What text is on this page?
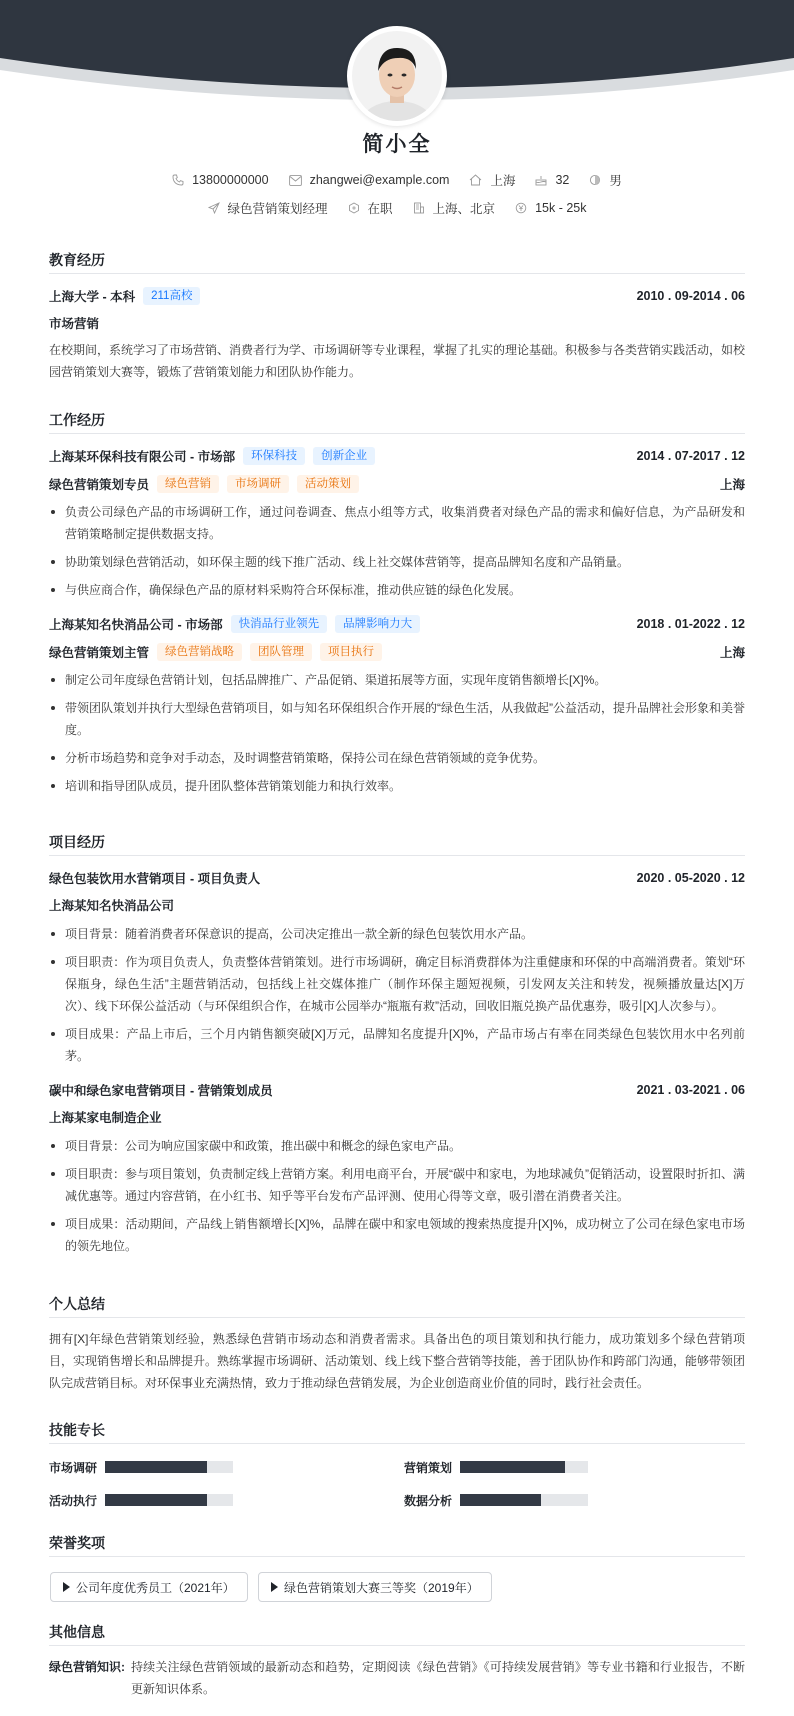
简小全
13800000000	zhangwei@example.com	上海	32	男
绿色营销策划经理	在职	上海、北京	15k - 25k
教育经历
上海大学 - 本科	211高校	2010 . 09-2014 . 06
市场营销
在校期间，系统学习了市场营销、消费者行为学、市场调研等专业课程，掌握了扎实的理论基础。积极参与各类营销实践活动，如校园营销策划大赛等，锻炼了营销策划能力和团队协作能力。
工作经历
上海某环保科技有限公司 - 市场部	环保科技	创新企业	2014 . 07-2017 . 12
绿色营销策划专员	绿色营销	市场调研	活动策划	上海
负责公司绿色产品的市场调研工作，通过问卷调查、焦点小组等方式，收集消费者对绿色产品的需求和偏好信息，为产品研发和营销策略制定提供数据支持。
协助策划绿色营销活动，如环保主题的线下推广活动、线上社交媒体营销等，提高品牌知名度和产品销量。
与供应商合作，确保绿色产品的原材料采购符合环保标准，推动供应链的绿色化发展。
上海某知名快消品公司 - 市场部	快消品行业领先	品牌影响力大	2018 . 01-2022 . 12
绿色营销策划主管	绿色营销战略	团队管理	项目执行	上海
制定公司年度绿色营销计划，包括品牌推广、产品促销、渠道拓展等方面，实现年度销售额增长[X]%。
带领团队策划并执行大型绿色营销项目，如与知名环保组织合作开展的“绿色生活，从我做起”公益活动，提升品牌社会形象和美誉度。
分析市场趋势和竞争对手动态，及时调整营销策略，保持公司在绿色营销领域的竞争优势。
培训和指导团队成员，提升团队整体营销策划能力和执行效率。
项目经历
绿色包装饮用水营销项目 - 项目负责人	2020 . 05-2020 . 12
上海某知名快消品公司
项目背景：随着消费者环保意识的提高，公司决定推出一款全新的绿色包装饮用水产品。
项目职责：作为项目负责人，负责整体营销策划。进行市场调研，确定目标消费群体为注重健康和环保的中高端消费者。策划“环保瓶身，绿色生活”主题营销活动，包括线上社交媒体推广（制作环保主题短视频，引发网友关注和转发，视频播放量达[X]万次）、线下环保公益活动（与环保组织合作，在城市公园举办“瓶瓶有救”活动，回收旧瓶兑换产品优惠券，吸引[X]人次参与）。
项目成果：产品上市后，三个月内销售额突破[X]万元，品牌知名度提升[X]%，产品市场占有率在同类绿色包装饮用水中名列前茅。
碳中和绿色家电营销项目 - 营销策划成员	2021 . 03-2021 . 06
上海某家电制造企业
项目背景：公司为响应国家碳中和政策，推出碳中和概念的绿色家电产品。
项目职责：参与项目策划，负责制定线上营销方案。利用电商平台，开展“碳中和家电，为地球减负”促销活动，设置限时折扣、满减优惠等。通过内容营销，在小红书、知乎等平台发布产品评测、使用心得等文章，吸引潜在消费者关注。
项目成果：活动期间，产品线上销售额增长[X]%，品牌在碳中和家电领域的搜索热度提升[X]%，成功树立了公司在绿色家电市场的领先地位。
个人总结
拥有[X]年绿色营销策划经验，熟悉绿色营销市场动态和消费者需求。具备出色的项目策划和执行能力，成功策划多个绿色营销项目，实现销售增长和品牌提升。熟练掌握市场调研、活动策划、线上线下整合营销等技能，善于团队协作和跨部门沟通，能够带领团队完成营销目标。对环保事业充满热情，致力于推动绿色营销发展，为企业创造商业价值的同时，践行社会责任。
技能专长
市场调研	营销策划
活动执行	数据分析
荣誉奖项
公司年度优秀员工（2021年）	绿色营销策划大赛三等奖（2019年）
其他信息
绿色营销知识: 持续关注绿色营销领域的最新动态和趋势，定期阅读《绿色营销》《可持续发展营销》等专业书籍和行业报告，不断更新知识体系。
